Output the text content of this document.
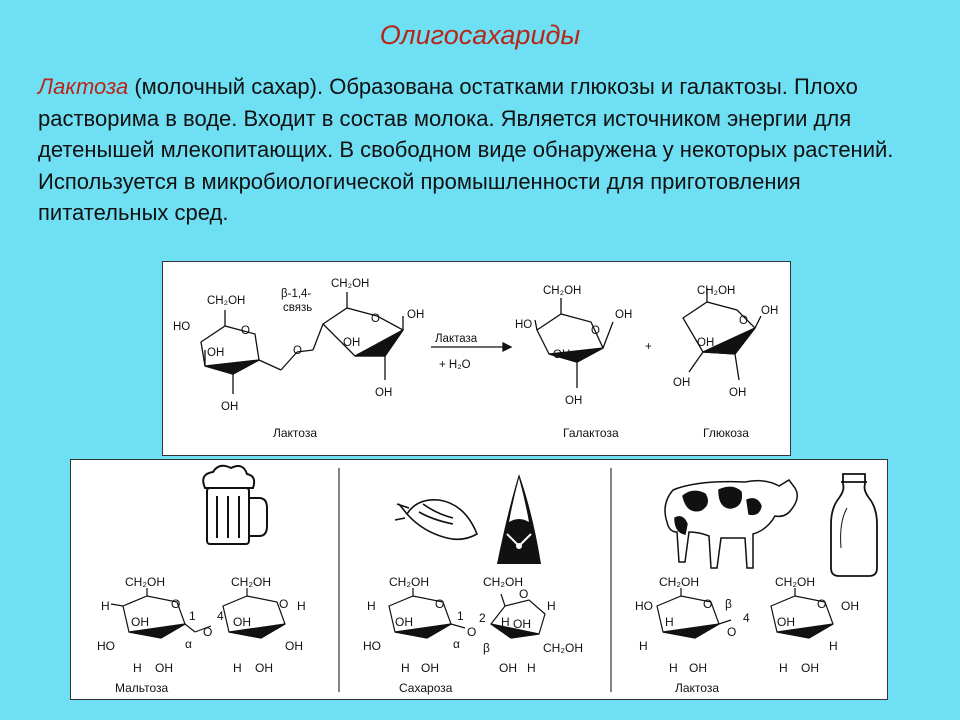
Олигосахариды

Лактоза (молочный сахар). Образована остатками глюкозы и галактозы. Плохо растворима в воде. Входит в состав молока. Является источником энергии для детенышей млекопитающих. В свободном виде обнаружена у некоторых растений. Используется в микробиологической промышленности для приготовления питательных сред.

CH₂OH
HO	O
OH
OH
O
β-1,4-
связь
CH₂OH
O OH
OH
OH
Лактаза
+ H₂O
CH₂OH
HO	O
OH
OH
OH
+
CH₂OH
O
OH
OH
OH
OH
Лактоза	Галактоза	Глюкоза
CH₂OH
H	O
OH
HO	α
1
O
4
H OH
CH₂OH
O H
OH
OH
H OH
CH₂OH
H	O
OH
HO	α
1
O
2
β
CH₂OH
O
H OH
H
CH₂OH
OH H
H OH
CH₂OH
HO	O
H
H
β
O
4
H OH
CH₂OH
O OH
OH
H
H OH
Мальтоза	Сахароза	Лактоза
